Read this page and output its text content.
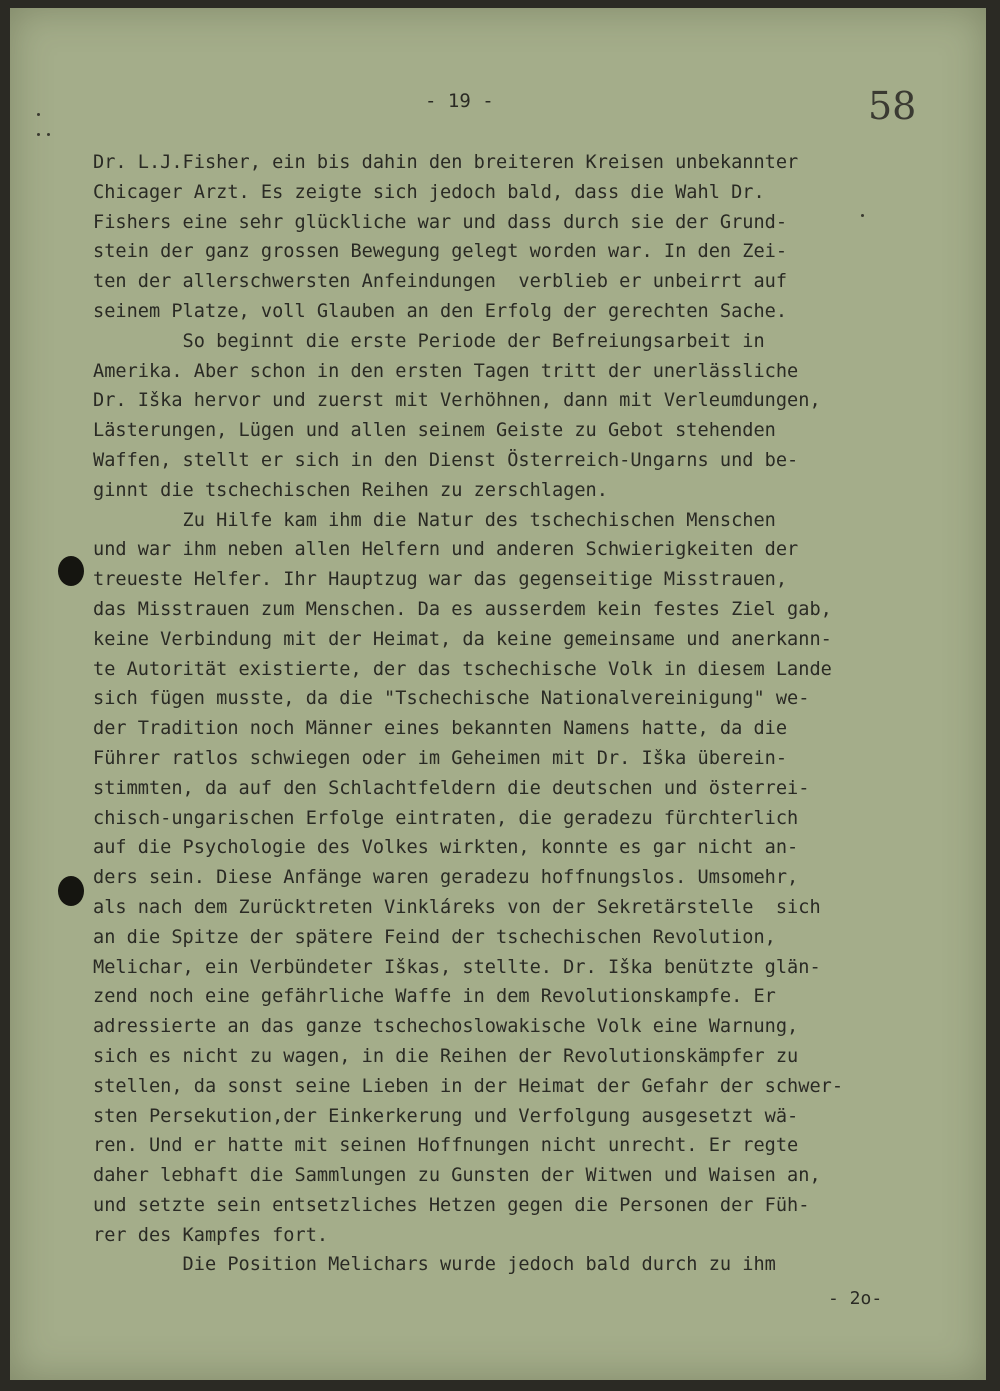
- 19 -	58
Dr. L.J.Fisher, ein bis dahin den breiteren Kreisen unbekannter
Chicager Arzt. Es zeigte sich jedoch bald, dass die Wahl Dr.
Fishers eine sehr glückliche war und dass durch sie der Grund-
stein der ganz grossen Bewegung gelegt worden war. In den Zei-
ten der allerschwersten Anfeindungen  verblieb er unbeirrt auf
seinem Platze, voll Glauben an den Erfolg der gerechten Sache.
So beginnt die erste Periode der Befreiungsarbeit in
Amerika. Aber schon in den ersten Tagen tritt der unerlässliche
Dr. Iška hervor und zuerst mit Verhöhnen, dann mit Verleumdungen,
Lästerungen, Lügen und allen seinem Geiste zu Gebot stehenden
Waffen, stellt er sich in den Dienst Österreich-Ungarns und be-
ginnt die tschechischen Reihen zu zerschlagen.
Zu Hilfe kam ihm die Natur des tschechischen Menschen
und war ihm neben allen Helfern und anderen Schwierigkeiten der
treueste Helfer. Ihr Hauptzug war das gegenseitige Misstrauen,
das Misstrauen zum Menschen. Da es ausserdem kein festes Ziel gab,
keine Verbindung mit der Heimat, da keine gemeinsame und anerkann-
te Autorität existierte, der das tschechische Volk in diesem Lande
sich fügen musste, da die "Tschechische Nationalvereinigung" we-
der Tradition noch Männer eines bekannten Namens hatte, da die
Führer ratlos schwiegen oder im Geheimen mit Dr. Iška überein-
stimmten, da auf den Schlachtfeldern die deutschen und österrei-
chisch-ungarischen Erfolge eintraten, die geradezu fürchterlich
auf die Psychologie des Volkes wirkten, konnte es gar nicht an-
ders sein. Diese Anfänge waren geradezu hoffnungslos. Umsomehr,
als nach dem Zurücktreten Vinkláreks von der Sekretärstelle  sich
an die Spitze der spätere Feind der tschechischen Revolution,
Melichar, ein Verbündeter Iškas, stellte. Dr. Iška benützte glän-
zend noch eine gefährliche Waffe in dem Revolutionskampfe. Er
adressierte an das ganze tschechoslowakische Volk eine Warnung,
sich es nicht zu wagen, in die Reihen der Revolutionskämpfer zu
stellen, da sonst seine Lieben in der Heimat der Gefahr der schwer-
sten Persekution,der Einkerkerung und Verfolgung ausgesetzt wä-
ren. Und er hatte mit seinen Hoffnungen nicht unrecht. Er regte
daher lebhaft die Sammlungen zu Gunsten der Witwen und Waisen an,
und setzte sein entsetzliches Hetzen gegen die Personen der Füh-
rer des Kampfes fort.
Die Position Melichars wurde jedoch bald durch zu ihm
- 2o-
